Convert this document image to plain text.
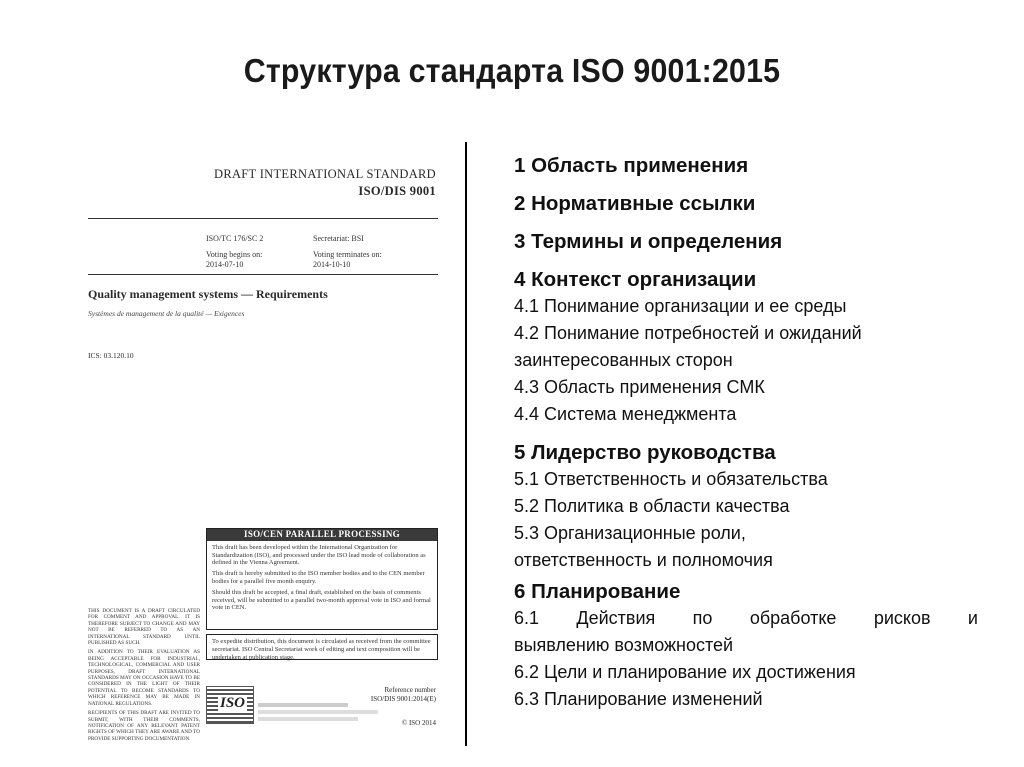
Структура стандарта ISO 9001:2015
DRAFT INTERNATIONAL STANDARD
ISO/DIS 9001
ISO/TC 176/SC 2	Secretariat: BSI
Voting begins on:
2014-07-10
Voting terminates on:
2014-10-10
Quality management systems — Requirements
Systèmes de management de la qualité — Exigences
ICS: 03.120.10

THIS DOCUMENT IS A DRAFT CIRCULATED FOR COMMENT AND APPROVAL. IT IS THEREFORE SUBJECT TO CHANGE AND MAY NOT BE REFERRED TO AS AN INTERNATIONAL STANDARD UNTIL PUBLISHED AS SUCH.

IN ADDITION TO THEIR EVALUATION AS BEING ACCEPTABLE FOR INDUSTRIAL, TECHNOLOGICAL, COMMERCIAL AND USER PURPOSES, DRAFT INTERNATIONAL STANDARDS MAY ON OCCASION HAVE TO BE CONSIDERED IN THE LIGHT OF THEIR POTENTIAL TO BECOME STANDARDS TO WHICH REFERENCE MAY BE MADE IN NATIONAL REGULATIONS.

RECIPIENTS OF THIS DRAFT ARE INVITED TO SUBMIT, WITH THEIR COMMENTS, NOTIFICATION OF ANY RELEVANT PATENT RIGHTS OF WHICH THEY ARE AWARE AND TO PROVIDE SUPPORTING DOCUMENTATION.

ISO/CEN PARALLEL PROCESSING

This draft has been developed within the International Organization for Standardization (ISO), and processed under the ISO lead mode of collaboration as defined in the Vienna Agreement.

This draft is hereby submitted to the ISO member bodies and to the CEN member bodies for a parallel five month enquiry.

Should this draft be accepted, a final draft, established on the basis of comments received, will be submitted to a parallel two-month approval vote in ISO and formal vote in CEN.

To expedite distribution, this document is circulated as received from the committee secretariat. ISO Central Secretariat work of editing and text composition will be undertaken at publication stage.
ISO
Reference number
ISO/DIS 9001:2014(E)
© ISO 2014

1 Область применения

2 Нормативные ссылки

3 Термины и определения

4 Контекст организации

4.1 Понимание организации и ее среды

4.2 Понимание потребностей и ожиданий

заинтересованных сторон

4.3 Область применения СМК

4.4 Система менеджмента

5 Лидерство руководства

5.1 Ответственность и обязательства

5.2 Политика в области качества

5.3 Организационные роли,

ответственность и полномочия

6 Планирование

6.1 Действия по обработке рисков и

выявлению возможностей

6.2 Цели и планирование их достижения

6.3 Планирование изменений
